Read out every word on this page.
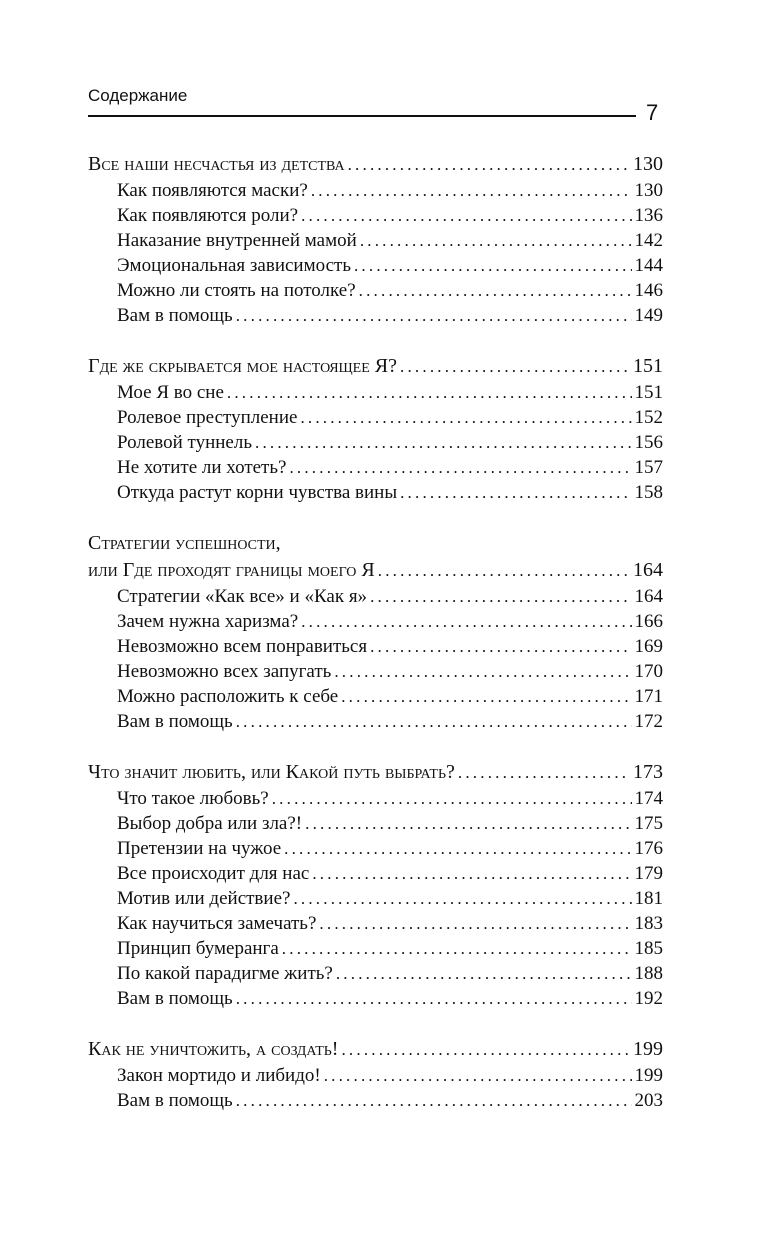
Содержание
7
Все наши несчастья из детства .....	130
Как появляются маски? .....	130
Как появляются роли? .....	136
Наказание внутренней мамой .....	142
Эмоциональная зависимость .....	144
Можно ли стоять на потолке? .....	146
Вам в помощь .....	149
Где же скрывается мое настоящее Я? .....	151
Мое Я во сне .....	151
Ролевое преступление .....	152
Ролевой туннель .....	156
Не хотите ли хотеть? .....	157
Откуда растут корни чувства вины .....	158
Стратегии успешности,
или Где проходят границы моего Я .....	164
Стратегии «Как все» и «Как я» .....	164
Зачем нужна харизма? .....	166
Невозможно всем понравиться .....	169
Невозможно всех запугать .....	170
Можно расположить к себе .....	171
Вам в помощь .....	172
Что значит любить, или Какой путь выбрать? .....	173
Что такое любовь? .....	174
Выбор добра или зла?! .....	175
Претензии на чужое .....	176
Все происходит для нас .....	179
Мотив или действие? .....	181
Как научиться замечать? .....	183
Принцип бумеранга .....	185
По какой парадигме жить? .....	188
Вам в помощь .....	192
Как не уничтожить, а создать! .....	199
Закон мортидо и либидо! .....	199
Вам в помощь .....	203
